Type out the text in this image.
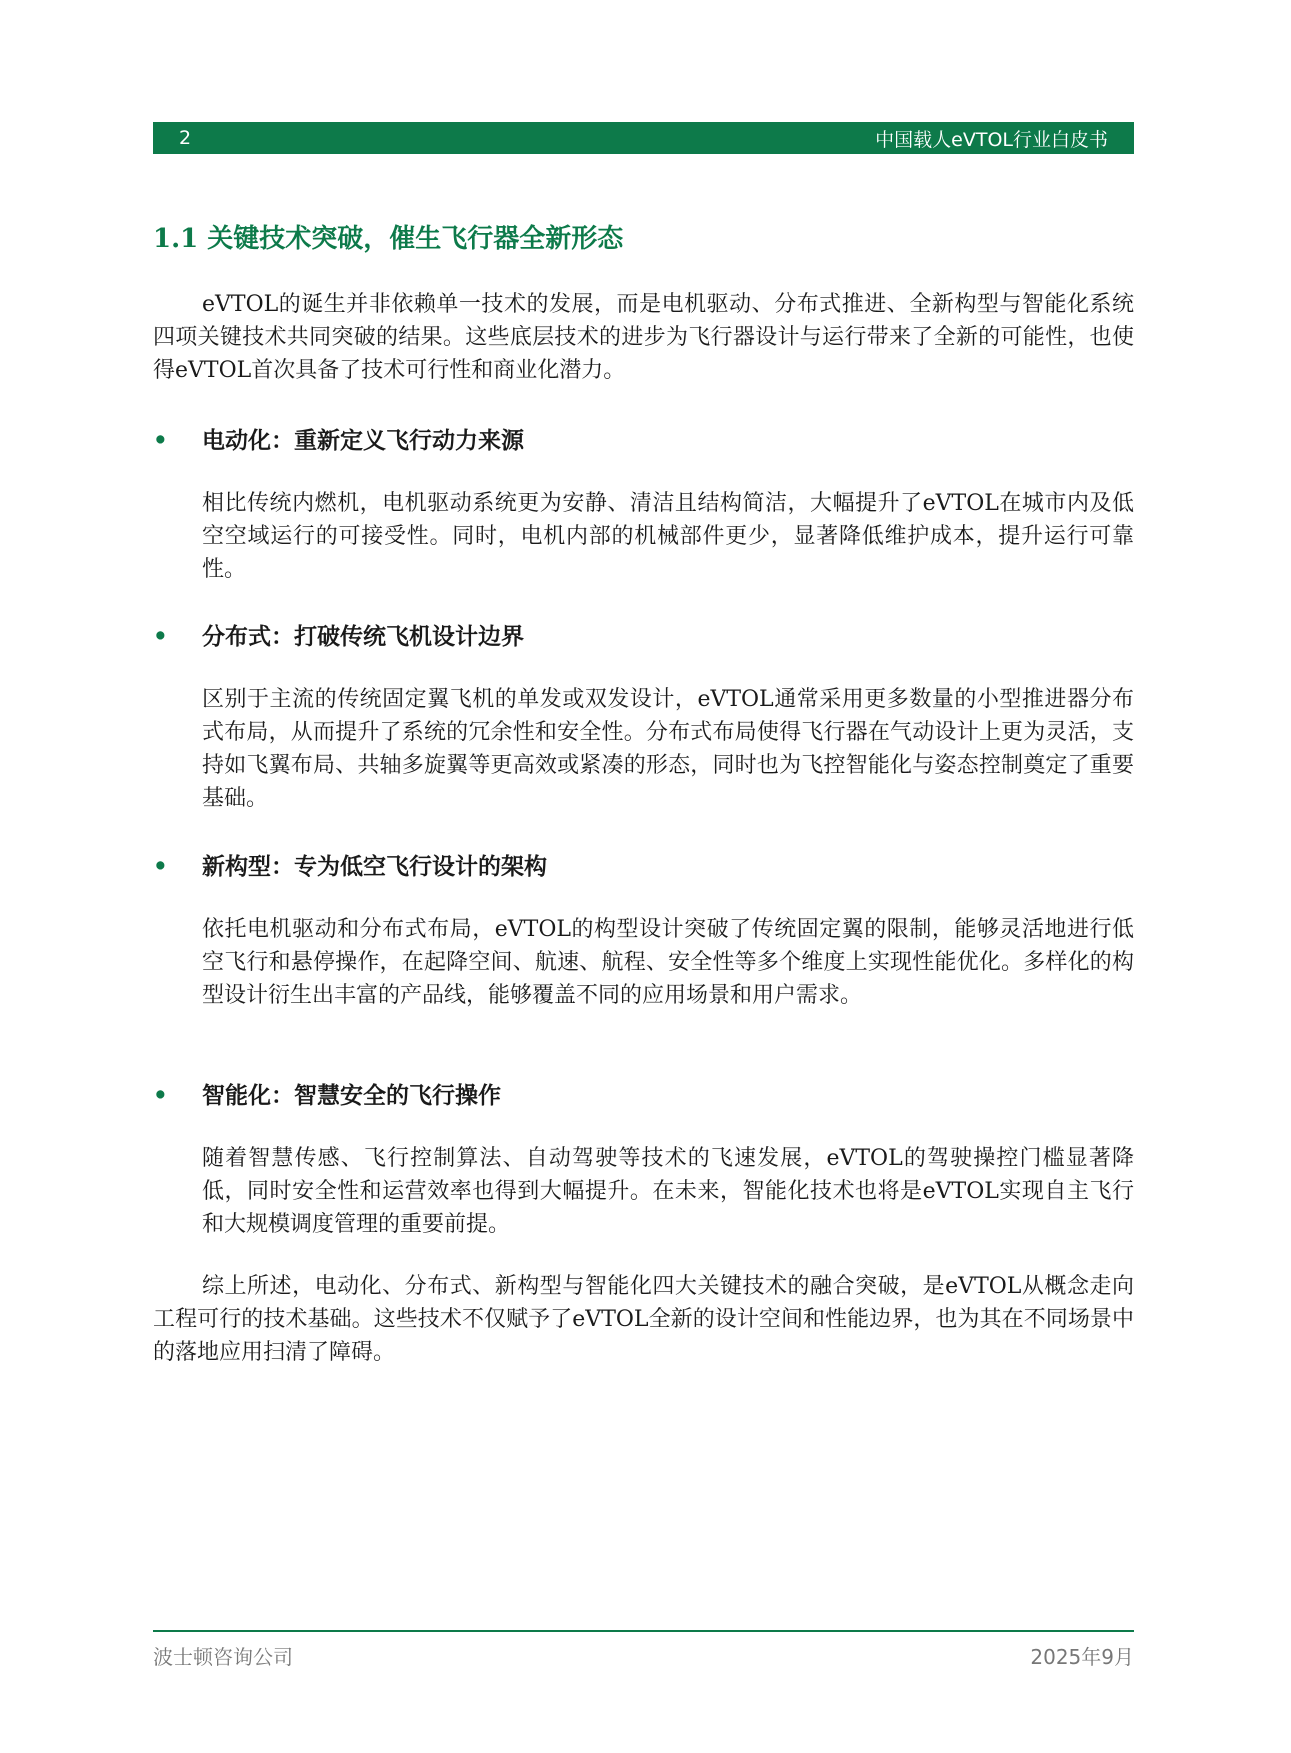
2	中国载人eVTOL行业白皮书
1.1 关键技术突破，催生飞行器全新形态

eVTOL的诞生并非依赖单一技术的发展，而是电机驱动、分布式推进、全新构型与智能化系统四项关键技术共同突破的结果。这些底层技术的进步为飞行器设计与运行带来了全新的可能性，也使得eVTOL首次具备了技术可行性和商业化潜力。

• 电动化：重新定义飞行动力来源

相比传统内燃机，电机驱动系统更为安静、清洁且结构简洁，大幅提升了eVTOL在城市内及低空空域运行的可接受性。同时，电机内部的机械部件更少，显著降低维护成本，提升运行可靠性。

• 分布式：打破传统飞机设计边界

区别于主流的传统固定翼飞机的单发或双发设计，eVTOL通常采用更多数量的小型推进器分布式布局，从而提升了系统的冗余性和安全性。分布式布局使得飞行器在气动设计上更为灵活，支持如飞翼布局、共轴多旋翼等更高效或紧凑的形态，同时也为飞控智能化与姿态控制奠定了重要基础。

• 新构型：专为低空飞行设计的架构

依托电机驱动和分布式布局，eVTOL的构型设计突破了传统固定翼的限制，能够灵活地进行低空飞行和悬停操作，在起降空间、航速、航程、安全性等多个维度上实现性能优化。多样化的构型设计衍生出丰富的产品线，能够覆盖不同的应用场景和用户需求。

• 智能化：智慧安全的飞行操作

随着智慧传感、飞行控制算法、自动驾驶等技术的飞速发展，eVTOL的驾驶操控门槛显著降低，同时安全性和运营效率也得到大幅提升。在未来，智能化技术也将是eVTOL实现自主飞行和大规模调度管理的重要前提。

综上所述，电动化、分布式、新构型与智能化四大关键技术的融合突破，是eVTOL从概念走向工程可行的技术基础。这些技术不仅赋予了eVTOL全新的设计空间和性能边界，也为其在不同场景中的落地应用扫清了障碍。

波士顿咨询公司	2025年9月
